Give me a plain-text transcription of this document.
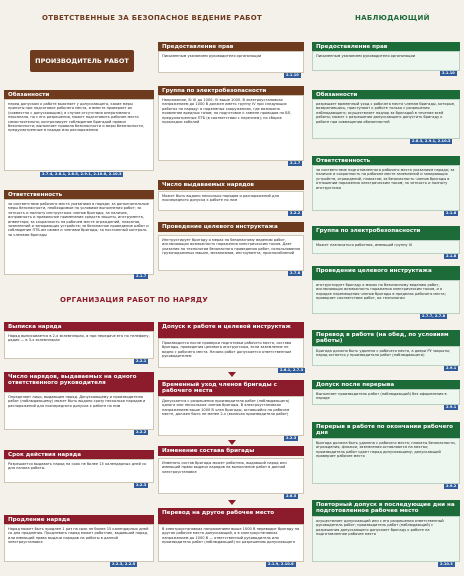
ОТВЕТСТВЕННЫЕ ЗА БЕЗОПАСНОЕ ВЕДЕНИЕ РАБОТ	НАБЛЮДАЮЩИЙ
ПРОИЗВОДИТЕЛЬ РАБОТ
Обязанности
перед допуском к работе выясняет у допускающего, какие меры приняты при подготовке рабочего места, и вместе проверяет их (совместно с допускающим); в случае отсутствия оперативного персонала, но с его разрешения, может подготовить рабочее место самостоятельно; контролирует соблюдение бригадой правил безопасности; выполняет правила безопасности и меры безопасности, предусмотренные в наряде или распоряжении
2.7.4, 2.6.1, 2.6.5, 2.9.1, 2.10.6, 2.10.3
Ответственность
за соответствие рабочего места указаниям в наряде; за дополнительные меры безопасности, необходимые по условиям выполнения работ; за четкость и полноту инструктажа членов бригады; за наличие, исправность и правильное применение средств защиты, инструмента, инвентаря; за сохранность на рабочем месте ограждений, плакатов, заземлений и запирающих устройств; за безопасное проведение работ и соблюдение ПТБ им самим и членами бригады; за постоянный контроль за членами бригады
2.1.7
Предоставление прав
Письменным указанием руководителя организации
2.1.10
Группа по электробезопасности
Напряжение, В: III до 1000; IV выше 1000. В электроустановках напряжением до 1000 В должен иметь группу IV при следующих работах по наряду: в подземных сооружениях, где возможно появление вредных газов; по подготовке к замене проводов на ВЛ, предусмотренных ПТБ (в соответствии с перечнем); по сборке прокладки кабелей
2.1.7
Число выдаваемых нарядов
Может быть выдано несколько нарядов и распоряжений для поочередного допуска к работе по ним
2.2.2
Проведение целевого инструктажа
Инструктирует бригаду о мерах по безопасному ведению работ, исключающих возможность поражения электрическим током. Дает указания по технологии безопасного проведения работ, использования грузоподъемных машин, механизмов, инструмента, приспособлений
2.7.8
ОРГАНИЗАЦИЯ РАБОТ ПО НАРЯДУ
Выписка наряда
Наряд выписывается в 2-х экземплярах, а при передаче его по телефону, радио — в 3-х экземплярах
2.2.1
Число нарядов, выдаваемых на одного ответственного руководителя
Определяет лицо, выдающее наряд. Допускающему и производителю работ (наблюдающему) может быть выдано сразу несколько нарядов и распоряжений для поочередного допуска к работе по ним
2.2.2
Срок действия наряда
Разрешается выдавать наряд на срок не более 15 календарных дней со дня начала работы
2.2.3
Продление наряда
Наряд может быть продлен 1 раз на срок не более 15 календарных дней со дня продления. Продлевать наряд может работник, выдавший наряд, или имеющий право выдачи нарядов на работы в данной электроустановке
2.2.3, 2.2.5
Допуск к работе и целевой инструктаж
Производится после проверки подготовки рабочего места, состава бригады, проведения целевого инструктажа, если заземление не видно с рабочего места. Начало работ допускается ответственным руководителем
2.6.1, 2.7.3
Временный уход членов бригады с рабочего места
Допускается с разрешения производителя работ (наблюдающего) одного или нескольких членов бригады. В электроустановках напряжением выше 1000 В член бригады, оставшийся на рабочем месте, должен быть не менее 2-х (включая производителя работ)
2.2.3
Изменение состава бригады
Изменять состав бригады может работник, выдавший наряд или имеющий право выдачи нарядов на выполнение работ в данной электроустановке
2.6.5
Перевод на другое рабочее место
В электроустановках напряжением выше 1000 В переводит бригаду на другое рабочее место допускающий, а в электроустановках напряжением до 1000 В — ответственный руководитель или производитель работ (наблюдающий) по разрешению допускающего
2.1.9, 2.10.6
Предоставление прав
Письменным указанием руководителя организации
2.1.10
Обязанности
разрешает временный уход с рабочего места членам бригады, которые, возвратившись, приступают к работе только с разрешения наблюдающего; осуществляет надзор за бригадой в течение всей работы; может с разрешения допускающего допустить бригаду к работе при совмещении обязанностей
2.8.3, 2.9.1, 2.10.3
Ответственность
за соответствие подготовленного рабочего места указаниям наряда; за наличие и сохранность на рабочем месте заземлений и запирающих устройств, ограждений, плакатов; за безопасность членов бригады в отношении поражения электрическим током; за четкость и полноту инструктажа
2.1.8
Группа по электробезопасности
Может назначаться работник, имеющий группу III
2.1.8
Проведение целевого инструктажа
инструктирует бригаду о мерах по безопасному ведению работ, исключающих возможность поражения электрическим током, и о порядке перемещения членов бригады в пределах рабочего места; проверяет соответствие работ, их технологии
2.7.7, 2.7.8
Перевод в работе (на обед, по условиям работы)
Бригада должна быть удалена с рабочего места, а двери РУ закрыты; наряд остается у производителя работ (наблюдающего)
2.9.1
Допуск после перерыва
Выполняет производитель работ (наблюдающий) без оформления в наряде
2.9.1
Перерыв в работе по окончании рабочего дня
бригада должна быть удалена с рабочего места; плакаты безопасности, ограждения, флажки, заземления оставляются на местах; производитель работ сдает наряд допускающему; допускающий проверяет рабочее место
2.9.2
Повторный допуск в последующие дни на подготовленное рабочее место
осуществляет допускающий или с его разрешения ответственный руководитель работ; производитель работ (наблюдающий) с разрешения допускающего допускает бригаду к работе на подготовленное рабочее место
2.10.3
